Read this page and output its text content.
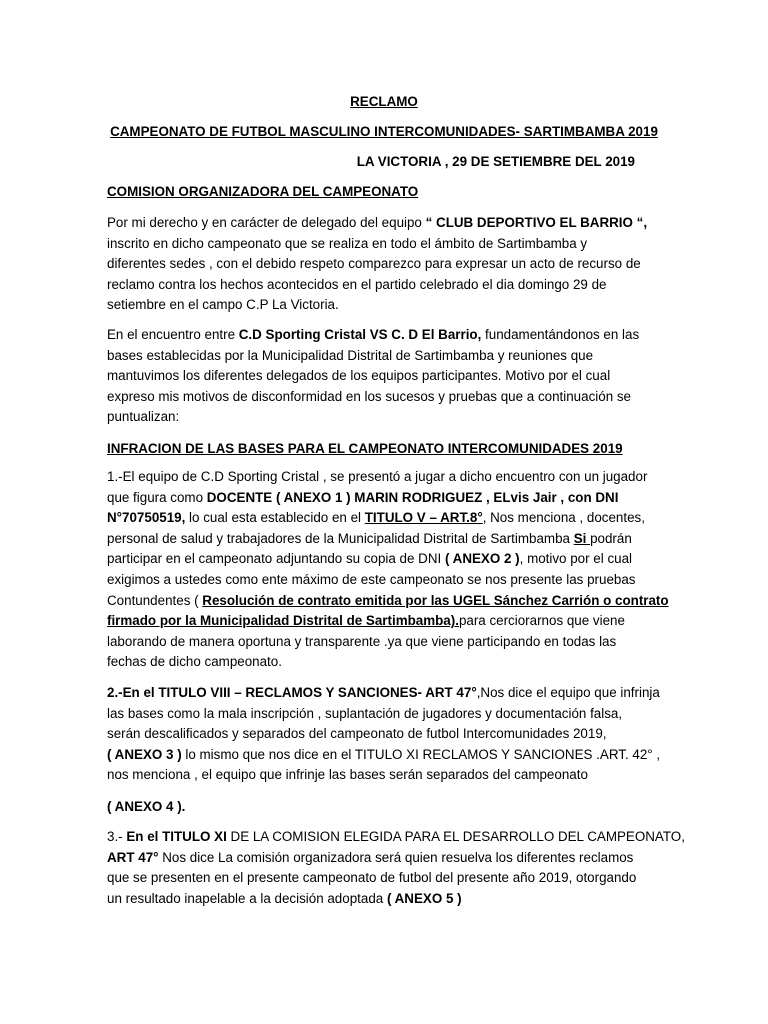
RECLAMO
CAMPEONATO DE FUTBOL MASCULINO INTERCOMUNIDADES- SARTIMBAMBA 2019
LA VICTORIA , 29 DE SETIEMBRE DEL 2019
COMISION ORGANIZADORA DEL CAMPEONATO

Por mi derecho y en carácter de delegado del equipo “ CLUB DEPORTIVO EL BARRIO “,
inscrito en dicho campeonato que se realiza en todo el ámbito de Sartimbamba y
diferentes sedes , con el debido respeto comparezco para expresar un acto de recurso de
reclamo contra los hechos acontecidos en el partido celebrado el dia domingo 29 de
setiembre en el campo C.P La Victoria.

En el encuentro entre C.D Sporting Cristal VS C. D El Barrio, fundamentándonos en las
bases establecidas por la Municipalidad Distrital de Sartimbamba y reuniones que
mantuvimos los diferentes delegados de los equipos participantes. Motivo por el cual
expreso mis motivos de disconformidad en los sucesos y pruebas que a continuación se
puntualizan:

INFRACION DE LAS BASES PARA EL CAMPEONATO INTERCOMUNIDADES 2019

1.-El equipo de C.D Sporting Cristal , se presentó a jugar a dicho encuentro con un jugador
que figura como DOCENTE ( ANEXO 1 ) MARIN RODRIGUEZ , ELvis Jair , con DNI
N°70750519, lo cual esta establecido en el TITULO V – ART.8°, Nos menciona , docentes,
personal de salud y trabajadores de la Municipalidad Distrital de Sartimbamba Si podrán
participar en el campeonato adjuntando su copia de DNI ( ANEXO 2 ), motivo por el cual
exigimos a ustedes como ente máximo de este campeonato se nos presente las pruebas
Contundentes ( Resolución de contrato emitida por las UGEL Sánchez Carrión o contrato
firmado por la Municipalidad Distrital de Sartimbamba).para cerciorarnos que viene
laborando de manera oportuna y transparente .ya que viene participando en todas las
fechas de dicho campeonato.

2.-En el TITULO VIII – RECLAMOS Y SANCIONES- ART 47°,Nos dice el equipo que infrinja
las bases como la mala inscripción , suplantación de jugadores y documentación falsa,
serán descalificados y separados del campeonato de futbol Intercomunidades 2019,
( ANEXO 3 ) lo mismo que nos dice en el TITULO XI RECLAMOS Y SANCIONES .ART. 42° ,
nos menciona , el equipo que infrinje las bases serán separados del campeonato

( ANEXO 4 ).

3.- En el TITULO XI DE LA COMISION ELEGIDA PARA EL DESARROLLO DEL CAMPEONATO,
ART 47° Nos dice La comisión organizadora será quien resuelva los diferentes reclamos
que se presenten en el presente campeonato de futbol del presente año 2019, otorgando
un resultado inapelable a la decisión adoptada ( ANEXO 5 )
